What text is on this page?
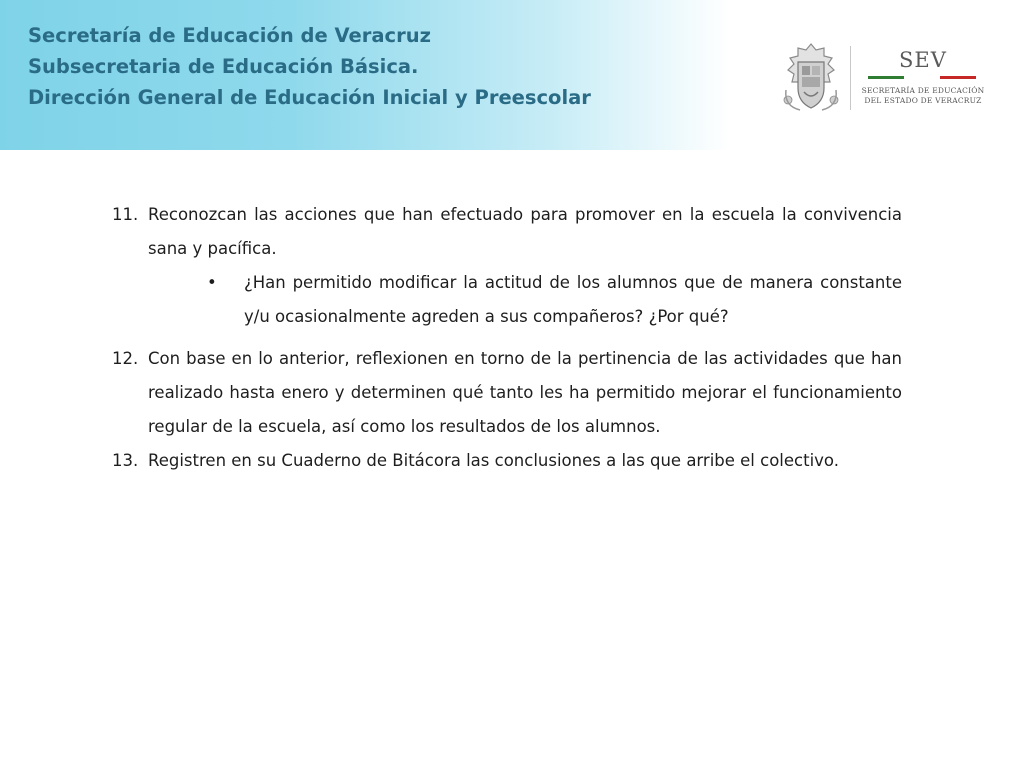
Secretaría de Educación de Veracruz
Subsecretaria de Educación Básica.
Dirección General de Educación Inicial y Preescolar
SEV
SECRETARÍA DE EDUCACIÓN
DEL ESTADO DE VERACRUZ
11. Reconozcan las acciones que han efectuado para promover en la escuela la convivencia sana y pacífica.
•	¿Han permitido modificar la actitud de los alumnos que de manera constante y/u ocasionalmente agreden a sus compañeros? ¿Por qué?
12. Con base en lo anterior, reflexionen en torno de la pertinencia de las actividades que han realizado hasta enero y determinen qué tanto les ha permitido mejorar el funcionamiento regular de la escuela, así como los resultados de los alumnos.
13. Registren en su Cuaderno de Bitácora las conclusiones a las que arribe el colectivo.
